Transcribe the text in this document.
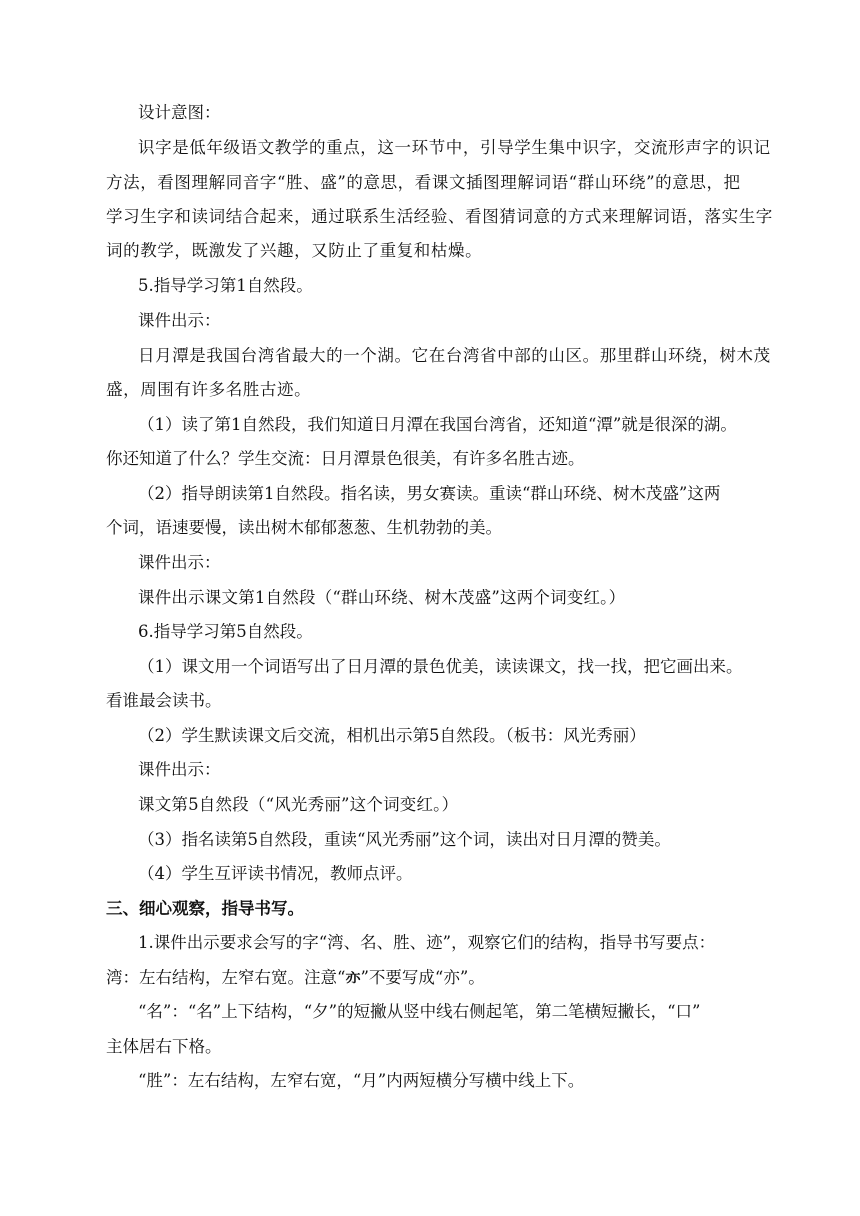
设计意图：
识字是低年级语文教学的重点，这一环节中，引导学生集中识字，交流形声字的识记
方法，看图理解同音字“胜、盛”的意思，看课文插图理解词语“群山环绕”的意思，把
学习生字和读词结合起来，通过联系生活经验、看图猜词意的方式来理解词语，落实生字
词的教学，既激发了兴趣，又防止了重复和枯燥。
5.指导学习第1自然段。
课件出示：
日月潭是我国台湾省最大的一个湖。它在台湾省中部的山区。那里群山环绕，树木茂
盛，周围有许多名胜古迹。
（1）读了第1自然段，我们知道日月潭在我国台湾省，还知道“潭”就是很深的湖。
你还知道了什么？学生交流：日月潭景色很美，有许多名胜古迹。
（2）指导朗读第1自然段。指名读，男女赛读。重读“群山环绕、树木茂盛”这两
个词，语速要慢，读出树木郁郁葱葱、生机勃勃的美。
课件出示：
课件出示课文第1自然段（“群山环绕、树木茂盛”这两个词变红。）
6.指导学习第5自然段。
（1）课文用一个词语写出了日月潭的景色优美，读读课文，找一找，把它画出来。
看谁最会读书。
（2）学生默读课文后交流，相机出示第5自然段。（板书：风光秀丽）
课件出示：
课文第5自然段（“风光秀丽”这个词变红。）
（3）指名读第5自然段，重读“风光秀丽”这个词，读出对日月潭的赞美。
（4）学生互评读书情况，教师点评。
三、细心观察，指导书写。
1.课件出示要求会写的字“湾、名、胜、迹”，观察它们的结构，指导书写要点：
湾：左右结构，左窄右宽。注意“亦”不要写成“亦”。
“名”：“名”上下结构，“夕”的短撇从竖中线右侧起笔，第二笔横短撇长，“口”
主体居右下格。
“胜”：左右结构，左窄右宽，“月”内两短横分写横中线上下。
